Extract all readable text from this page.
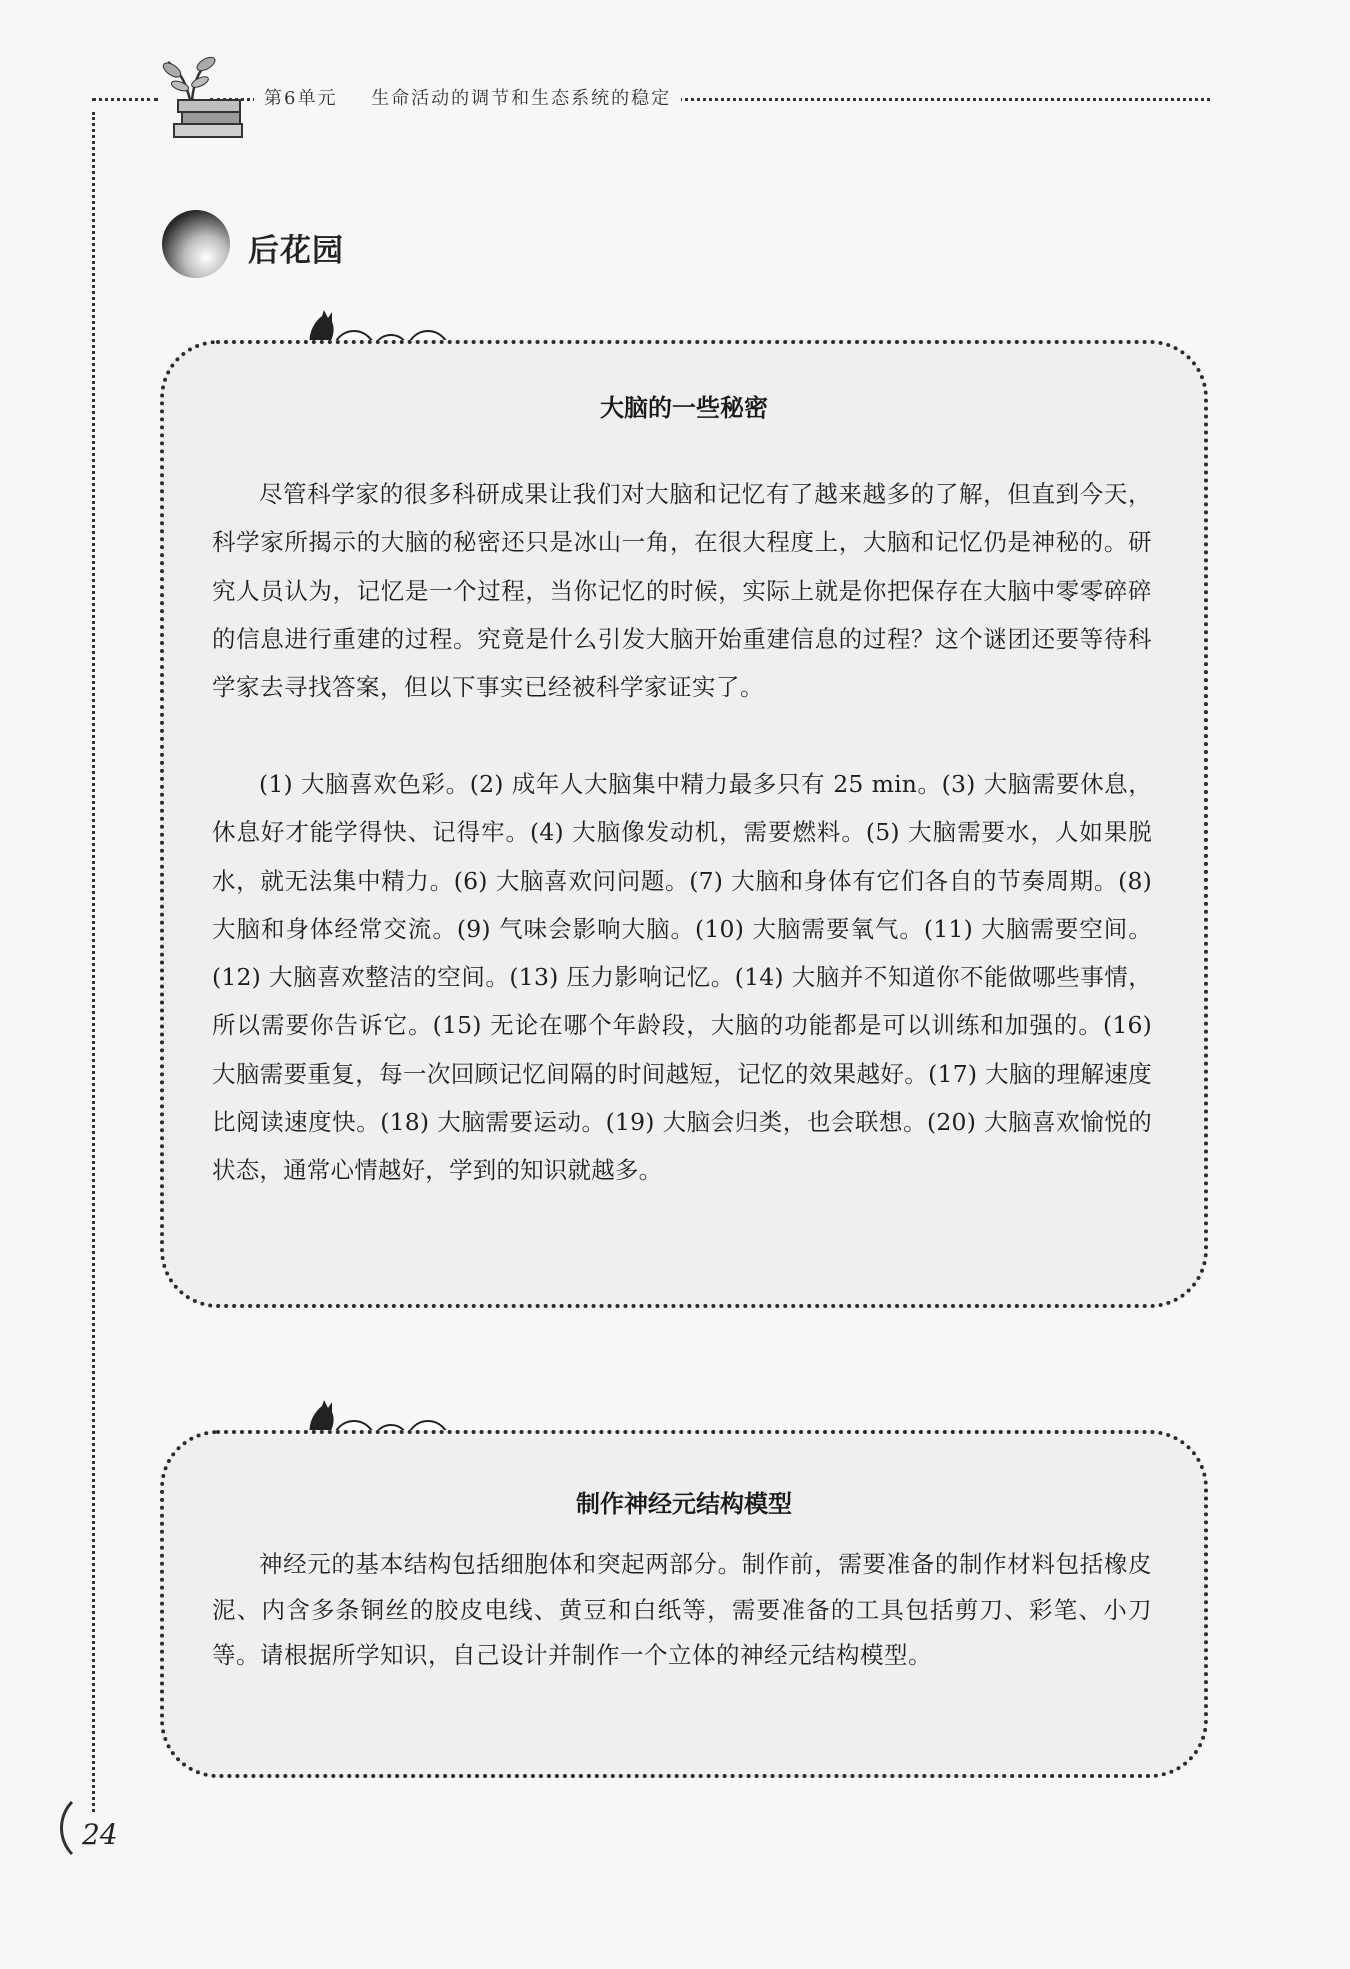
第6单元 生命活动的调节和生态系统的稳定
后花园
大脑的一些秘密
尽管科学家的很多科研成果让我们对大脑和记忆有了越来越多的了解，但直到今天，科学家所揭示的大脑的秘密还只是冰山一角，在很大程度上，大脑和记忆仍是神秘的。研究人员认为，记忆是一个过程，当你记忆的时候，实际上就是你把保存在大脑中零零碎碎的信息进行重建的过程。究竟是什么引发大脑开始重建信息的过程？这个谜团还要等待科学家去寻找答案，但以下事实已经被科学家证实了。
(1) 大脑喜欢色彩。(2) 成年人大脑集中精力最多只有 25 min。(3) 大脑需要休息，休息好才能学得快、记得牢。(4) 大脑像发动机，需要燃料。(5) 大脑需要水，人如果脱水，就无法集中精力。(6) 大脑喜欢问问题。(7) 大脑和身体有它们各自的节奏周期。(8) 大脑和身体经常交流。(9) 气味会影响大脑。(10) 大脑需要氧气。(11) 大脑需要空间。(12) 大脑喜欢整洁的空间。(13) 压力影响记忆。(14) 大脑并不知道你不能做哪些事情，所以需要你告诉它。(15) 无论在哪个年龄段，大脑的功能都是可以训练和加强的。(16) 大脑需要重复，每一次回顾记忆间隔的时间越短，记忆的效果越好。(17) 大脑的理解速度比阅读速度快。(18) 大脑需要运动。(19) 大脑会归类，也会联想。(20) 大脑喜欢愉悦的状态，通常心情越好，学到的知识就越多。
制作神经元结构模型
神经元的基本结构包括细胞体和突起两部分。制作前，需要准备的制作材料包括橡皮泥、内含多条铜丝的胶皮电线、黄豆和白纸等，需要准备的工具包括剪刀、彩笔、小刀等。请根据所学知识，自己设计并制作一个立体的神经元结构模型。
24
